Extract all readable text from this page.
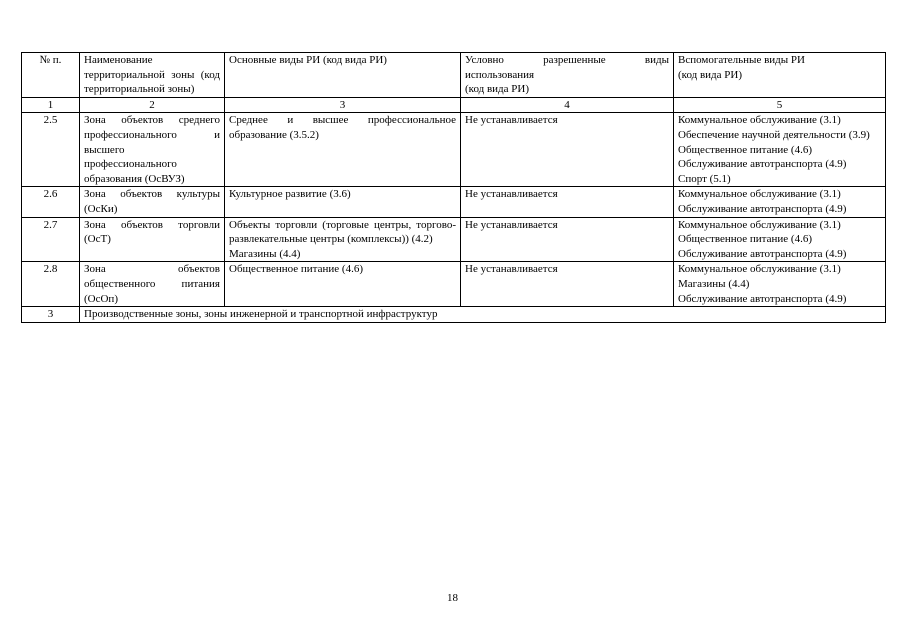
№ п.	Наименование территориальной зоны (код территориальной зоны)	Основные виды РИ (код вида РИ)	Условно разрешенные виды
использования
(код вида РИ)	Вспомогательные виды РИ
(код вида РИ)

1	2	3	4	5
2.5	Зона объектов среднего профессионального и высшего профессионального образования (ОсВУЗ)	Среднее и высшее профессиональное образование (3.5.2)	Не устанавливается	Коммунальное обслуживание (3.1)
Обеспечение научной деятельности (3.9)
Общественное питание (4.6)
Обслуживание автотранспорта (4.9)
Спорт (5.1)

2.6	Зона объектов культуры (ОсКи)	Культурное развитие (3.6)	Не устанавливается	Коммунальное обслуживание (3.1)
Обслуживание автотранспорта (4.9)

2.7	Зона объектов торговли (ОсТ)	Объекты торговли (торговые центры, торгово-развлекательные центры (комплексы)) (4.2)
Магазины (4.4)	Не устанавливается	Коммунальное обслуживание (3.1)
Общественное питание (4.6)
Обслуживание автотранспорта (4.9)

2.8	Зона объектов общественного питания (ОсОп)	Общественное питание (4.6)	Не устанавливается	Коммунальное обслуживание (3.1)
Магазины (4.4)
Обслуживание автотранспорта (4.9)

3	Производственные зоны, зоны инженерной и транспортной инфраструктур			
18
